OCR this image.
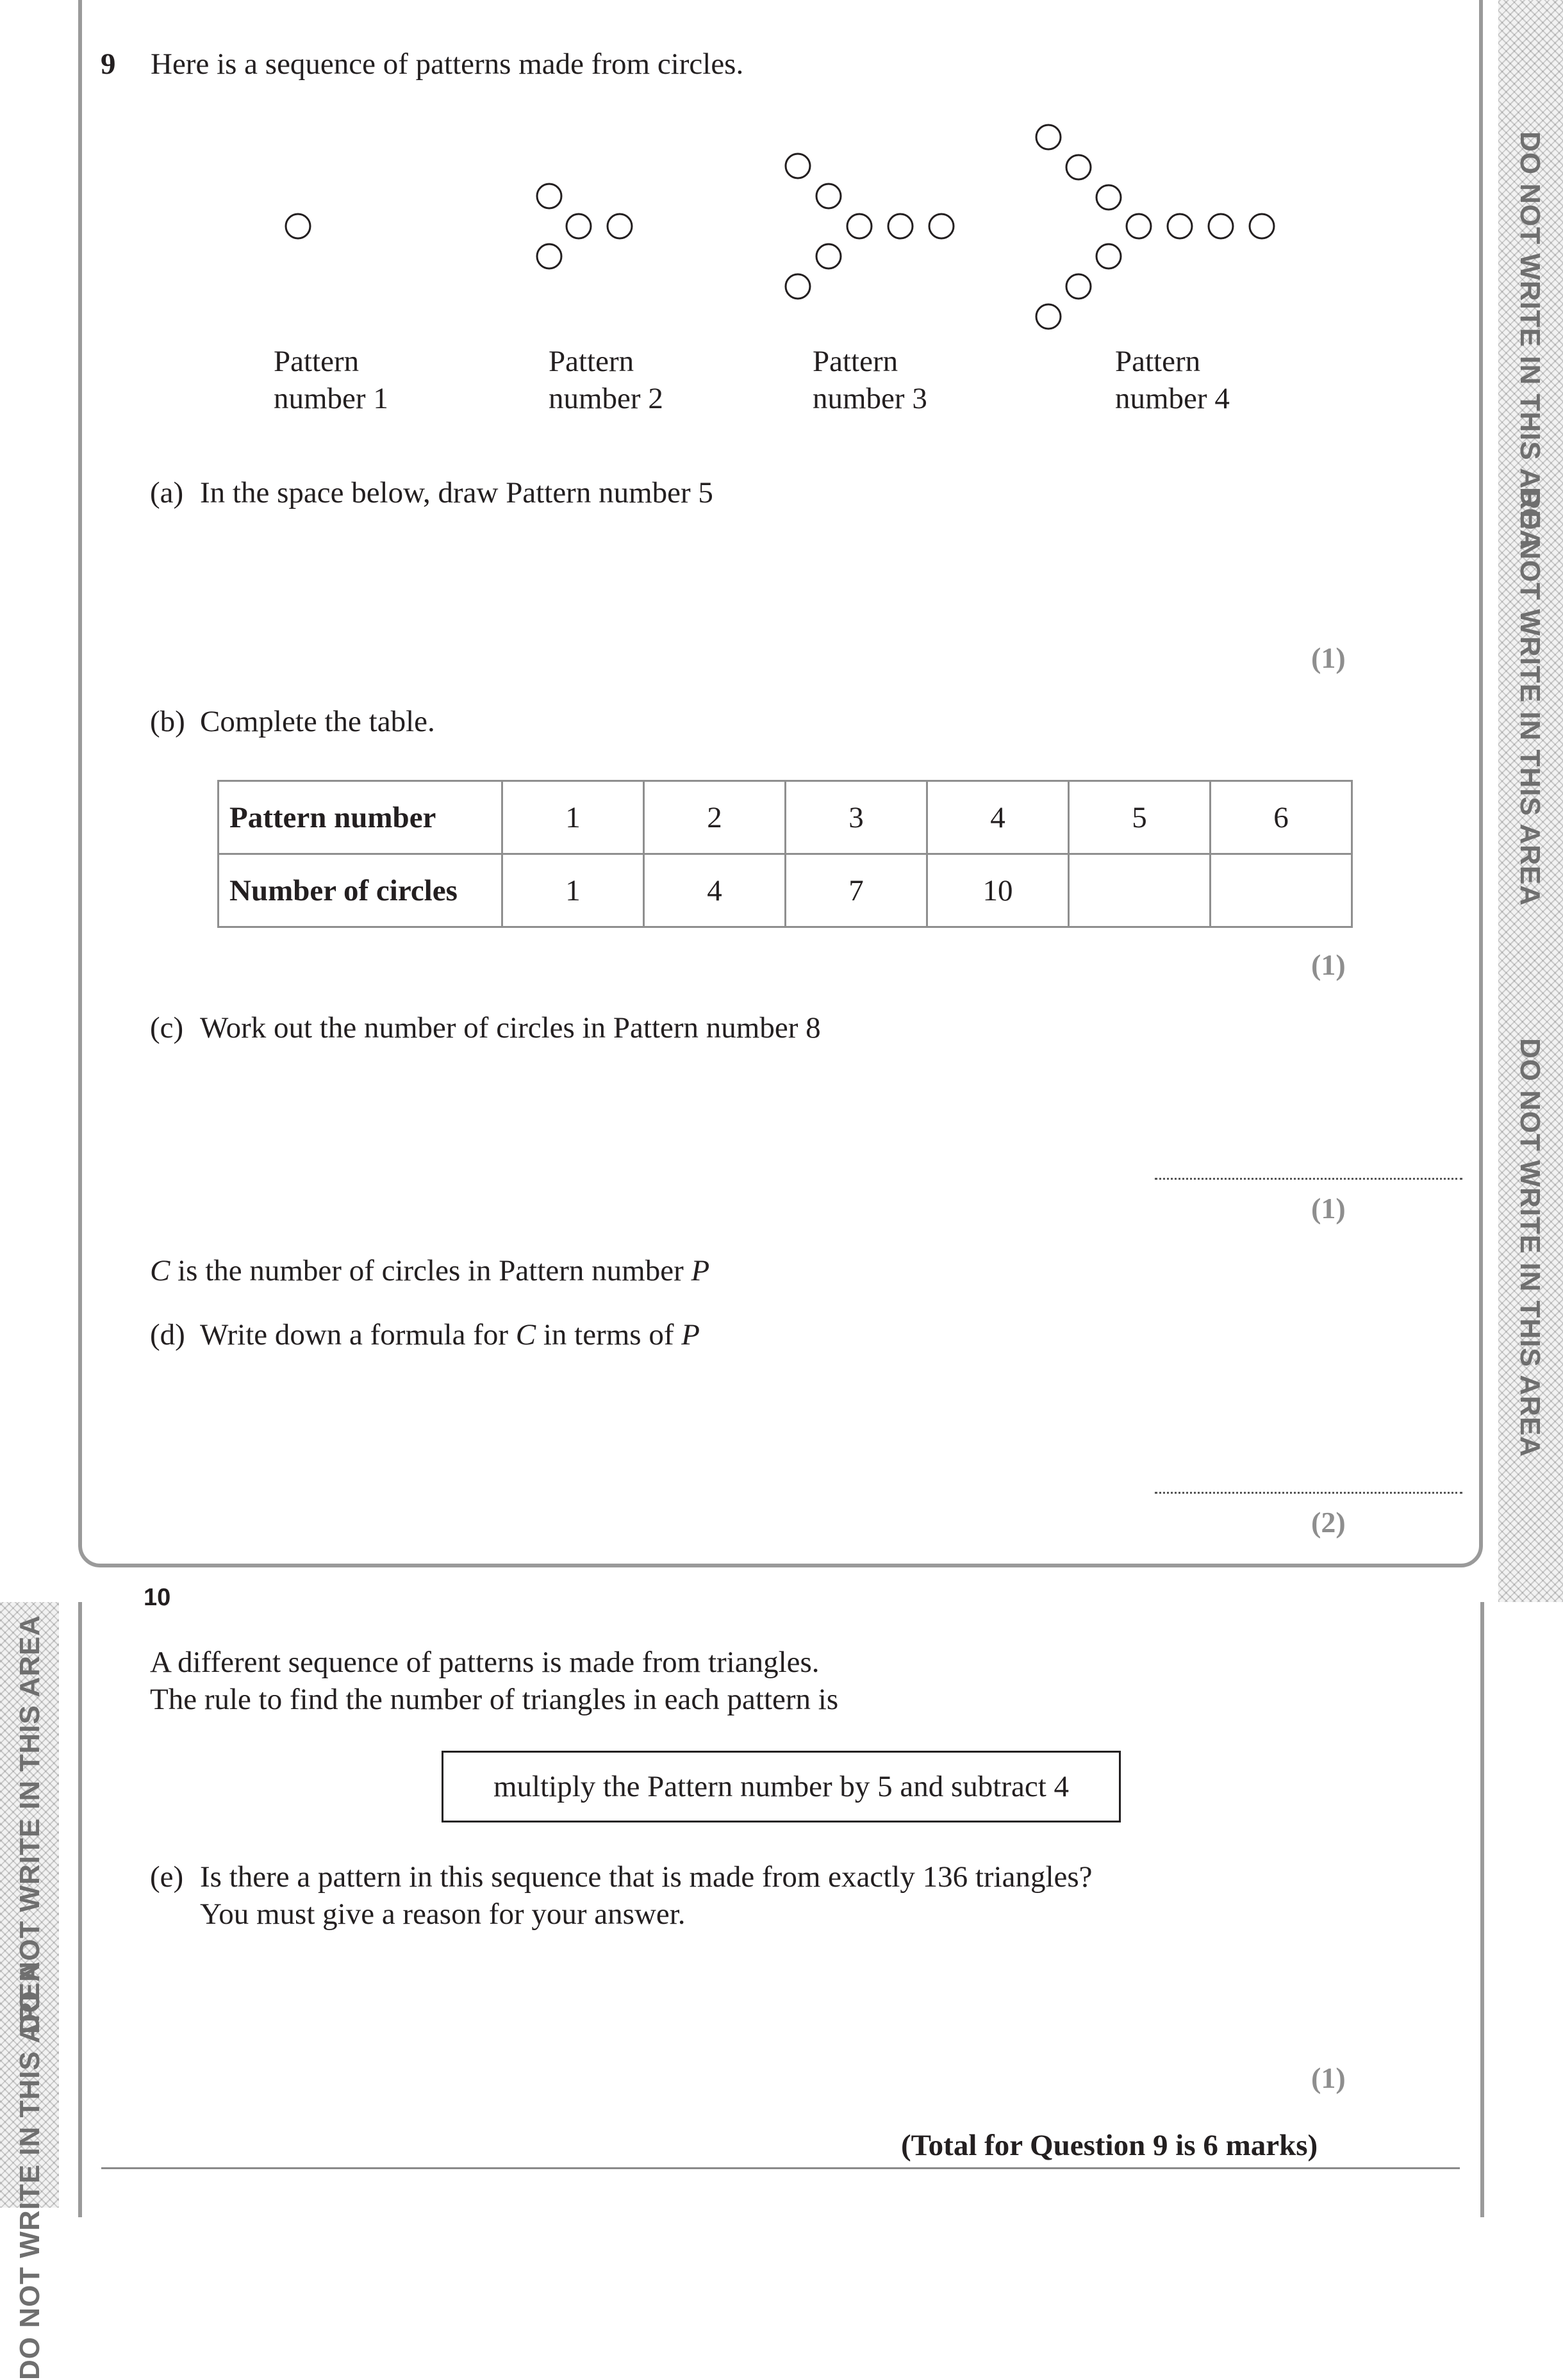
DO NOT WRITE IN THIS AREA
DO NOT WRITE IN THIS AREA
DO NOT WRITE IN THIS AREA
DO NOT WRITE IN THIS AREA
DO NOT WRITE IN THIS AREA
9 Here is a sequence of patterns made from circles.
Pattern
number 1
Pattern
number 2
Pattern
number 3
Pattern
number 4
(a) In the space below, draw Pattern number 5
(1)
(b) Complete the table.
Pattern number	1	2	3	4	5	6
Number of circles	1	4	7	10		
(1)
(c) Work out the number of circles in Pattern number 8
(1)
C is the number of circles in Pattern number P
(d) Write down a formula for C in terms of P
(2)
10
A different sequence of patterns is made from triangles.
The rule to find the number of triangles in each pattern is
multiply the Pattern number by 5 and subtract 4
(e) Is there a pattern in this sequence that is made from exactly 136 triangles?
You must give a reason for your answer.
(1)
(Total for Question 9 is 6 marks)
